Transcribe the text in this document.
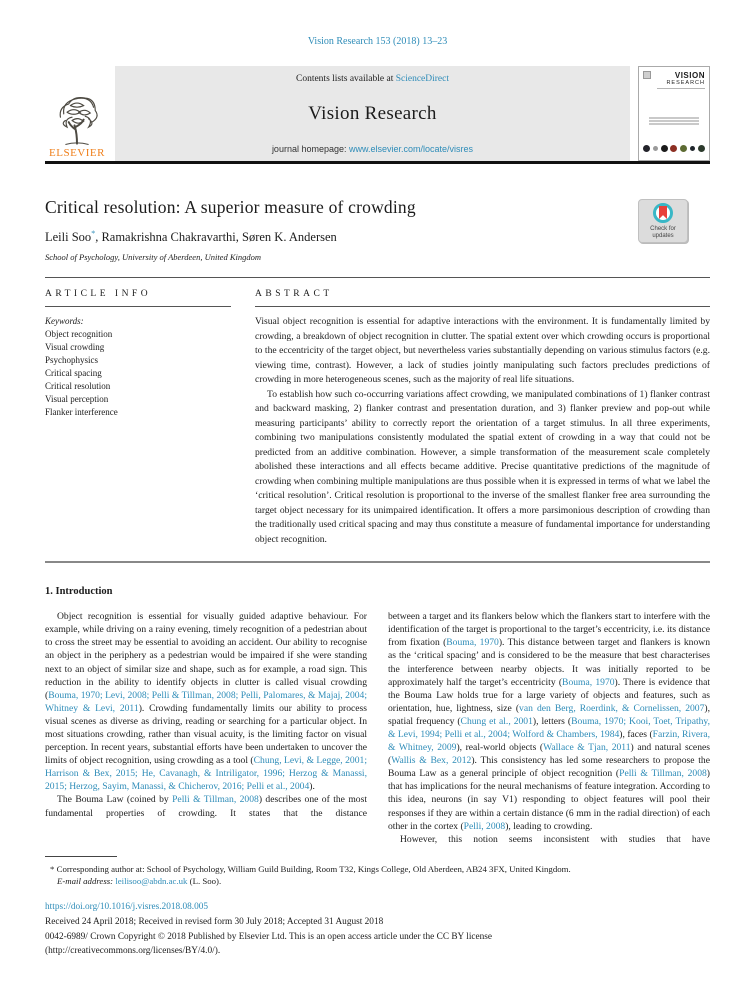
Vision Research 153 (2018) 13–23
ELSEVIER
Contents lists available at ScienceDirect
Vision Research
journal homepage: www.elsevier.com/locate/visres
VISION
RESEARCH
Critical resolution: A superior measure of crowding
Check for
updates
Leili Soo*, Ramakrishna Chakravarthi, Søren K. Andersen
School of Psychology, University of Aberdeen, United Kingdom
ARTICLE INFO
Keywords:
Object recognition
Visual crowding
Psychophysics
Critical spacing
Critical resolution
Visual perception
Flanker interference
ABSTRACT

Visual object recognition is essential for adaptive interactions with the environment. It is fundamentally limited by crowding, a breakdown of object recognition in clutter. The spatial extent over which crowding occurs is proportional to the eccentricity of the target object, but nevertheless varies substantially depending on various stimulus factors (e.g. viewing time, contrast). However, a lack of studies jointly manipulating such factors precludes predictions of crowding in more heterogeneous scenes, such as the majority of real life situations.

To establish how such co-occurring variations affect crowding, we manipulated combinations of 1) flanker contrast and backward masking, 2) flanker contrast and presentation duration, and 3) flanker preview and pop-out while measuring participants’ ability to correctly report the orientation of a target stimulus. In all three experiments, combining two manipulations consistently modulated the spatial extent of crowding in a way that could not be predicted from an additive combination. However, a simple transformation of the measurement scale completely abolished these interactions and all effects became additive. Precise quantitative predictions of the magnitude of crowding when combining multiple manipulations are thus possible when it is expressed in terms of what we label the ‘critical resolution’. Critical resolution is proportional to the inverse of the smallest flanker free area surrounding the target object necessary for its unimpaired identification. It offers a more parsimonious description of crowding than the traditionally used critical spacing and may thus constitute a measure of fundamental importance for understanding object recognition.

1. Introduction

Object recognition is essential for visually guided adaptive behaviour. For example, while driving on a rainy evening, timely recognition of a pedestrian about to cross the street may be essential to avoiding an accident. Our ability to recognise an object in the periphery as a pedestrian would be impaired if she were standing next to an object of similar size and shape, such as for example, a road sign. This reduction in the ability to identify objects in clutter is called visual crowding (Bouma, 1970; Levi, 2008; Pelli & Tillman, 2008; Pelli, Palomares, & Majaj, 2004; Whitney & Levi, 2011). Crowding fundamentally limits our ability to process visual scenes as diverse as driving, reading or searching for a particular object. In most situations crowding, rather than visual acuity, is the limiting factor on visual perception. In recent years, substantial efforts have been undertaken to uncover the limits of object recognition, using crowding as a tool (Chung, Levi, & Legge, 2001; Harrison & Bex, 2015; He, Cavanagh, & Intriligator, 1996; Herzog & Manassi, 2015; Herzog, Sayim, Manassi, & Chicherov, 2016; Pelli et al., 2004).

The Bouma Law (coined by Pelli & Tillman, 2008) describes one of the most fundamental properties of crowding. It states that the distance

between a target and its flankers below which the flankers start to interfere with the identification of the target is proportional to the target’s eccentricity, i.e. its distance from fixation (Bouma, 1970). This distance between target and flankers is known as the ‘critical spacing’ and is considered to be the measure that best characterises the interference between nearby objects. It was initially reported to be approximately half the target’s eccentricity (Bouma, 1970). There is evidence that the Bouma Law holds true for a large variety of objects and features, such as orientation, hue, lightness, size (van den Berg, Roerdink, & Cornelissen, 2007), spatial frequency (Chung et al., 2001), letters (Bouma, 1970; Kooi, Toet, Tripathy, & Levi, 1994; Pelli et al., 2004; Wolford & Chambers, 1984), faces (Farzin, Rivera, & Whitney, 2009), real-world objects (Wallace & Tjan, 2011) and natural scenes (Wallis & Bex, 2012). This consistency has led some researchers to propose the Bouma Law as a general principle of object recognition (Pelli & Tillman, 2008) that has implications for the neural mechanisms of feature integration. According to this idea, neurons (in say V1) responding to object features will pool their responses if they are within a certain distance (6 mm in the radial direction) of each other in the cortex (Pelli, 2008), leading to crowding.

However, this notion seems inconsistent with studies that have

* Corresponding author at: School of Psychology, William Guild Building, Room T32, Kings College, Old Aberdeen, AB24 3FX, United Kingdom.
E-mail address: leilisoo@abdn.ac.uk (L. Soo).
https://doi.org/10.1016/j.visres.2018.08.005
Received 24 April 2018; Received in revised form 30 July 2018; Accepted 31 August 2018
0042-6989/ Crown Copyright © 2018 Published by Elsevier Ltd. This is an open access article under the CC BY license
(http://creativecommons.org/licenses/BY/4.0/).
